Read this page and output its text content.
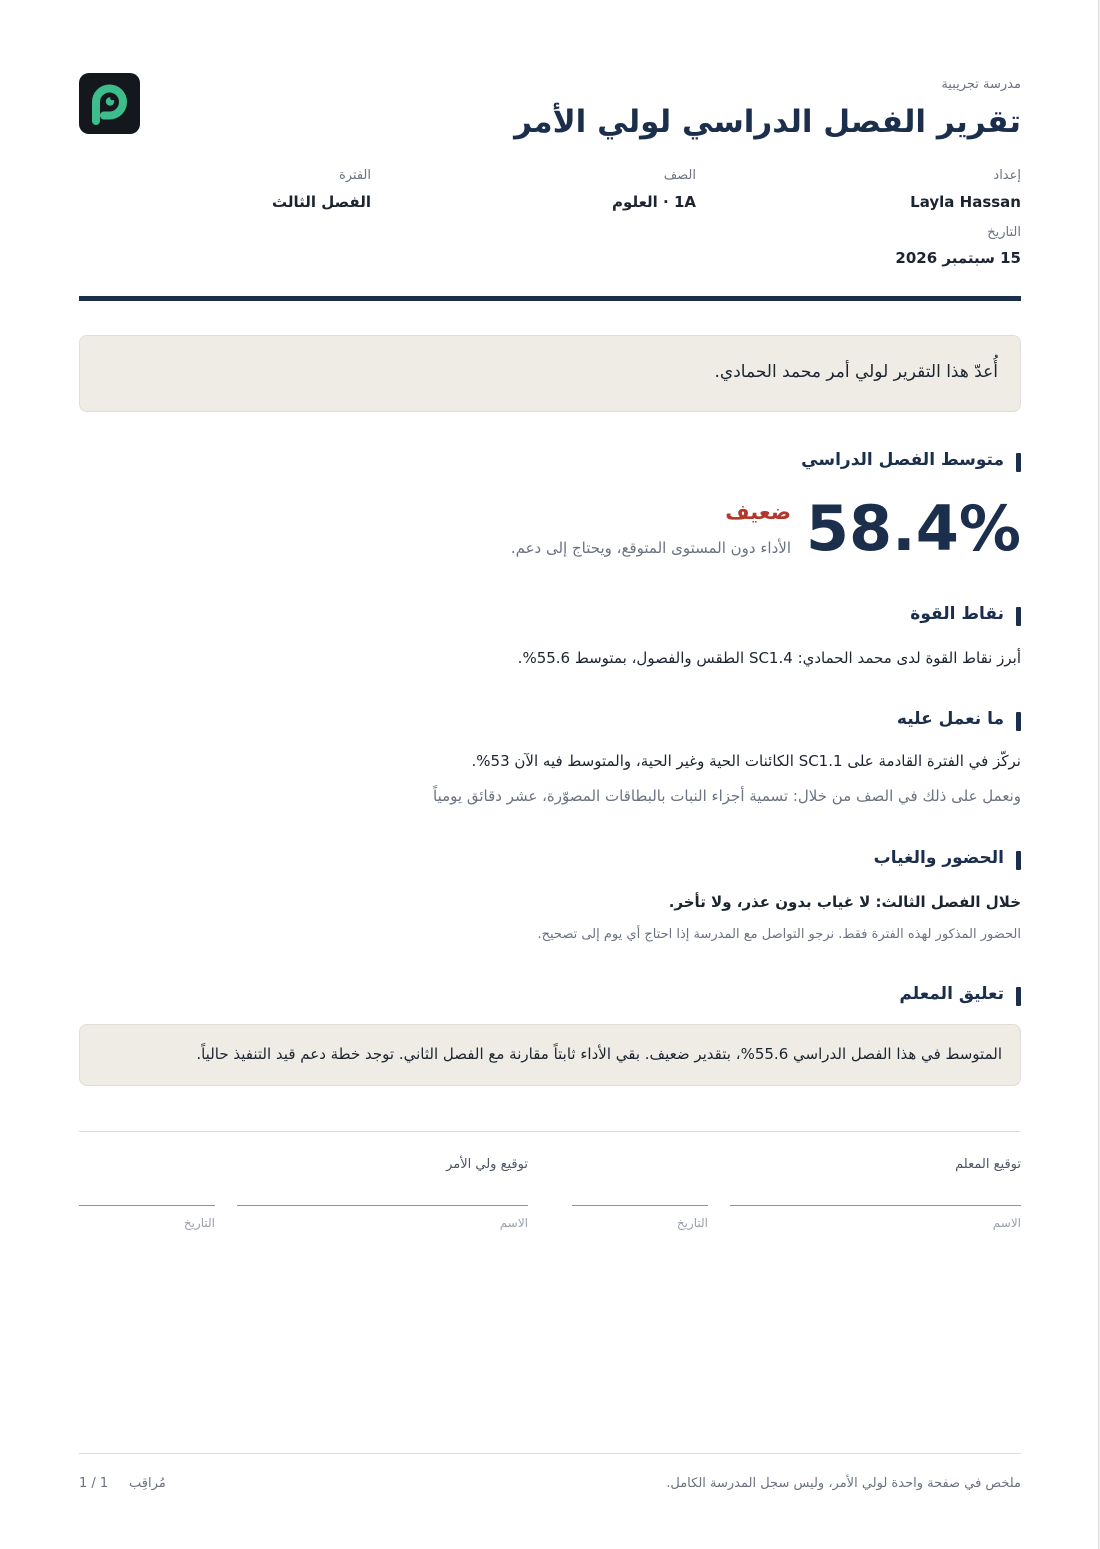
مدرسة تجريبية
تقرير الفصل الدراسي لولي الأمر
إعداد
Layla Hassan
الصف
1A · العلوم
الفترة
الفصل الثالث
التاريخ
15 سبتمبر 2026
أُعدّ هذا التقرير لولي أمر محمد الحمادي.
متوسط الفصل الدراسي
58.4%
ضعيف
الأداء دون المستوى المتوقع، ويحتاج إلى دعم.
نقاط القوة
أبرز نقاط القوة لدى محمد الحمادي: SC1.4 الطقس والفصول، بمتوسط 55.6%.
ما نعمل عليه
نركّز في الفترة القادمة على SC1.1 الكائنات الحية وغير الحية، والمتوسط فيه الآن 53%.
ونعمل على ذلك في الصف من خلال: تسمية أجزاء النبات بالبطاقات المصوّرة، عشر دقائق يومياً
الحضور والغياب
خلال الفصل الثالث: لا غياب بدون عذر، ولا تأخر.
الحضور المذكور لهذه الفترة فقط. نرجو التواصل مع المدرسة إذا احتاج أي يوم إلى تصحيح.
تعليق المعلم
المتوسط في هذا الفصل الدراسي 55.6%، بتقدير ضعيف. بقي الأداء ثابتاً مقارنة مع الفصل الثاني. توجد خطة دعم قيد التنفيذ حالياً.
توقيع المعلم
توقيع ولي الأمر
الاسم
التاريخ
الاسم
التاريخ
ملخص في صفحة واحدة لولي الأمر، وليس سجل المدرسة الكامل.
1 / 1 مُراقِب
